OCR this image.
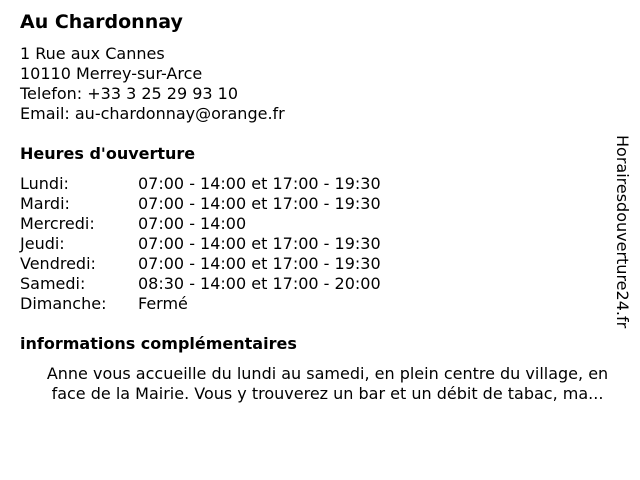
Au Chardonnay
1 Rue aux Cannes
10110 Merrey-sur-Arce
Telefon: +33 3 25 29 93 10
Email: au-chardonnay@orange.fr
Heures d'ouverture
Lundi:	07:00 - 14:00 et 17:00 - 19:30
Mardi:	07:00 - 14:00 et 17:00 - 19:30
Mercredi:	07:00 - 14:00
Jeudi:	07:00 - 14:00 et 17:00 - 19:30
Vendredi:	07:00 - 14:00 et 17:00 - 19:30
Samedi:	08:30 - 14:00 et 17:00 - 20:00
Dimanche: Fermé
informations complémentaires
Anne vous accueille du lundi au samedi, en plein centre du village, en
face de la Mairie. Vous y trouverez un bar et un débit de tabac, ma...
Horairesdouverture24.fr
